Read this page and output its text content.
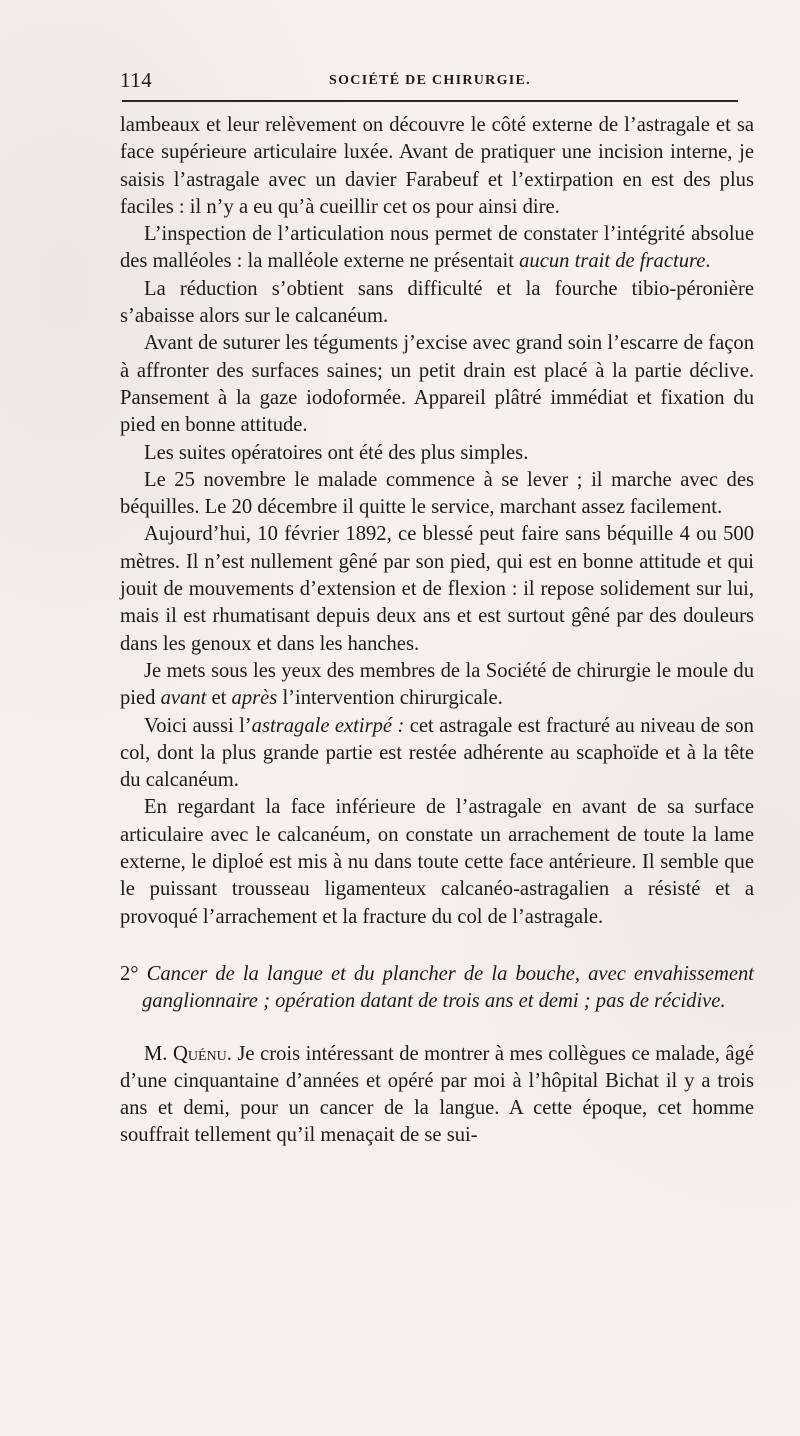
114	SOCIÉTÉ DE CHIRURGIE.

lambeaux et leur relèvement on découvre le côté externe de l’astragale et sa face supérieure articulaire luxée. Avant de pratiquer une incision interne, je saisis l’astragale avec un davier Farabeuf et l’extirpation en est des plus faciles : il n’y a eu qu’à cueillir cet os pour ainsi dire.

L’inspection de l’articulation nous permet de constater l’intégrité absolue des malléoles : la malléole externe ne présentait aucun trait de fracture.

La réduction s’obtient sans difficulté et la fourche tibio-péronière s’abaisse alors sur le calcanéum.

Avant de suturer les téguments j’excise avec grand soin l’escarre de façon à affronter des surfaces saines; un petit drain est placé à la partie déclive. Pansement à la gaze iodoformée. Appareil plâtré immédiat et fixation du pied en bonne attitude.

Les suites opératoires ont été des plus simples.

Le 25 novembre le malade commence à se lever ; il marche avec des béquilles. Le 20 décembre il quitte le service, marchant assez facilement.

Aujourd’hui, 10 février 1892, ce blessé peut faire sans béquille 4 ou 500 mètres. Il n’est nullement gêné par son pied, qui est en bonne attitude et qui jouit de mouvements d’extension et de flexion : il repose solidement sur lui, mais il est rhumatisant depuis deux ans et est surtout gêné par des douleurs dans les genoux et dans les hanches.

Je mets sous les yeux des membres de la Société de chirurgie le moule du pied avant et après l’intervention chirurgicale.

Voici aussi l’astragale extirpé : cet astragale est fracturé au niveau de son col, dont la plus grande partie est restée adhérente au scaphoïde et à la tête du calcanéum.

En regardant la face inférieure de l’astragale en avant de sa surface articulaire avec le calcanéum, on constate un arrachement de toute la lame externe, le diploé est mis à nu dans toute cette face antérieure. Il semble que le puissant trousseau ligamenteux calcanéo-astragalien a résisté et a provoqué l’arrachement et la fracture du col de l’astragale.

2° Cancer de la langue et du plancher de la bouche, avec envahissement ganglionnaire ; opération datant de trois ans et demi ; pas de récidive.

M. Quénu. Je crois intéressant de montrer à mes collègues ce malade, âgé d’une cinquantaine d’années et opéré par moi à l’hôpital Bichat il y a trois ans et demi, pour un cancer de la langue. A cette époque, cet homme souffrait tellement qu’il menaçait de se sui-
